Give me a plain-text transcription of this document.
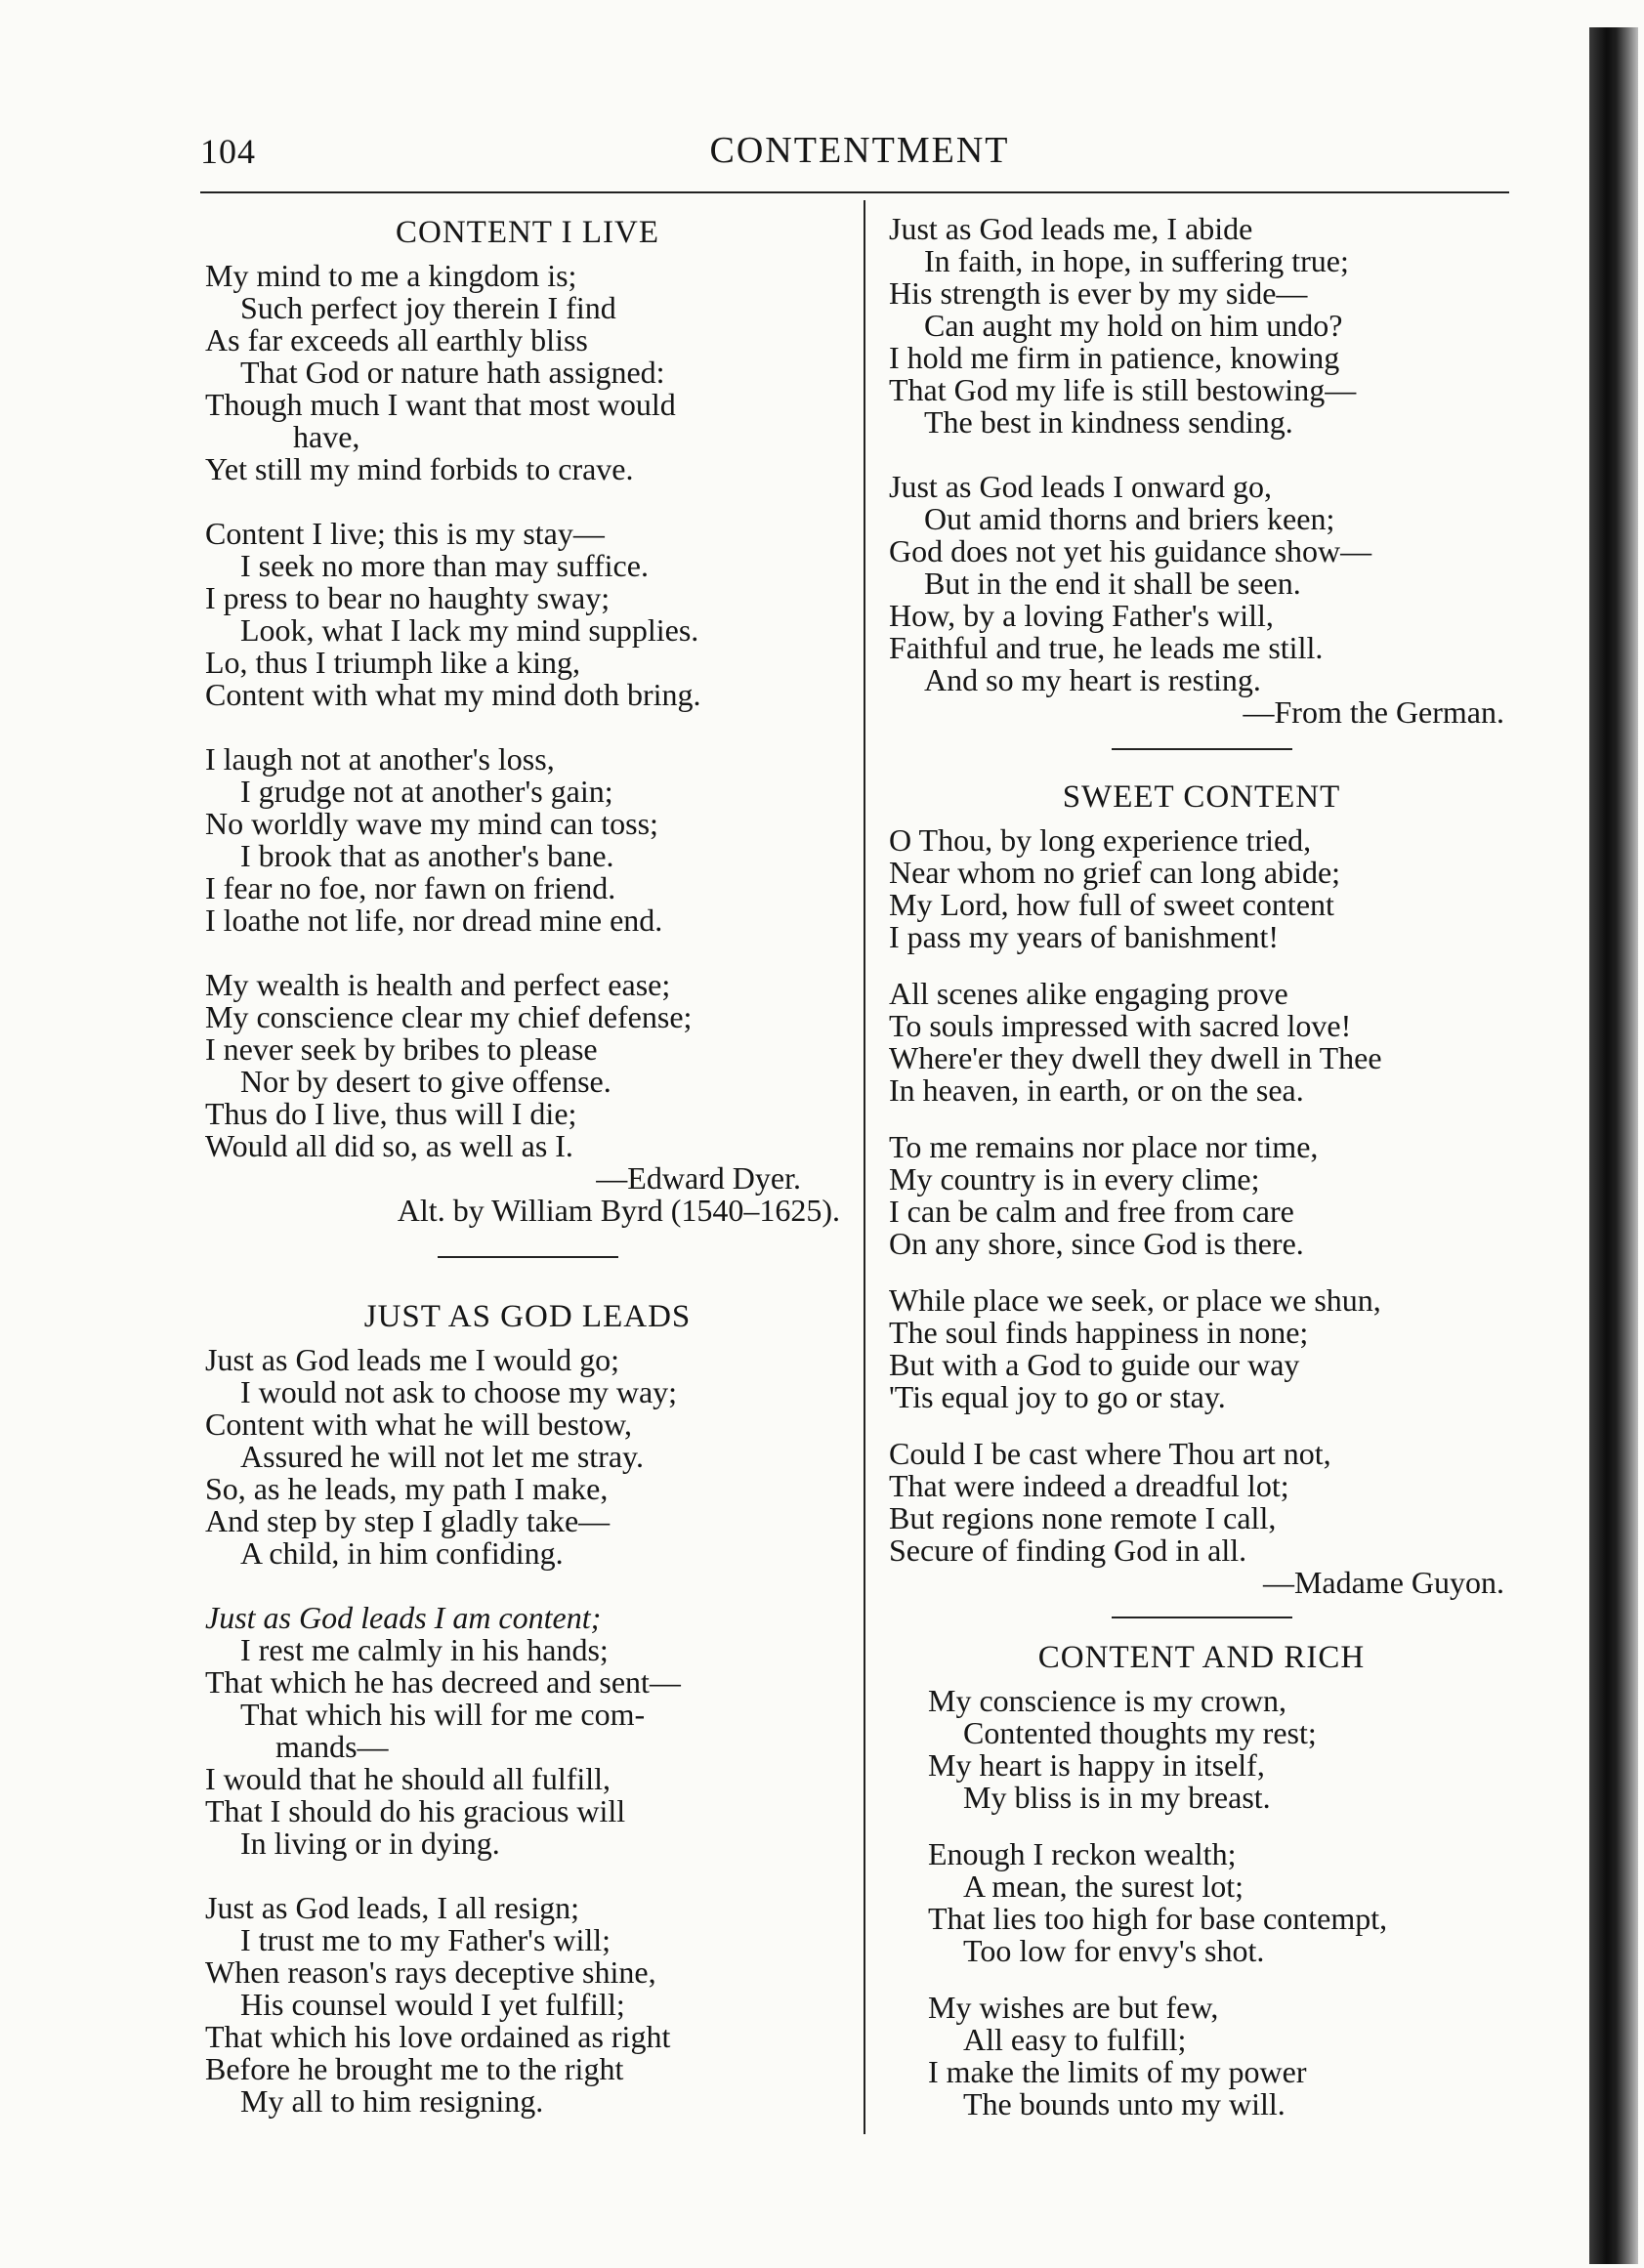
104	CONTENTMENT
CONTENT I LIVE
My mind to me a kingdom is;
Such perfect joy therein I find
As far exceeds all earthly bliss
That God or nature hath assigned:
Though much I want that most would
have,
Yet still my mind forbids to crave.
Content I live; this is my stay—
I seek no more than may suffice.
I press to bear no haughty sway;
Look, what I lack my mind supplies.
Lo, thus I triumph like a king,
Content with what my mind doth bring.
I laugh not at another's loss,
I grudge not at another's gain;
No worldly wave my mind can toss;
I brook that as another's bane.
I fear no foe, nor fawn on friend.
I loathe not life, nor dread mine end.
My wealth is health and perfect ease;
My conscience clear my chief defense;
I never seek by bribes to please
Nor by desert to give offense.
Thus do I live, thus will I die;
Would all did so, as well as I.
—Edward Dyer.
Alt. by William Byrd (1540–1625).
JUST AS GOD LEADS
Just as God leads me I would go;
I would not ask to choose my way;
Content with what he will bestow,
Assured he will not let me stray.
So, as he leads, my path I make,
And step by step I gladly take—
A child, in him confiding.
Just as God leads I am content;
I rest me calmly in his hands;
That which he has decreed and sent—
That which his will for me com-
mands—
I would that he should all fulfill,
That I should do his gracious will
In living or in dying.
Just as God leads, I all resign;
I trust me to my Father's will;
When reason's rays deceptive shine,
His counsel would I yet fulfill;
That which his love ordained as right
Before he brought me to the right
My all to him resigning.
Just as God leads me, I abide
In faith, in hope, in suffering true;
His strength is ever by my side—
Can aught my hold on him undo?
I hold me firm in patience, knowing
That God my life is still bestowing—
The best in kindness sending.
Just as God leads I onward go,
Out amid thorns and briers keen;
God does not yet his guidance show—
But in the end it shall be seen.
How, by a loving Father's will,
Faithful and true, he leads me still.
And so my heart is resting.
—From the German.
SWEET CONTENT
O Thou, by long experience tried,
Near whom no grief can long abide;
My Lord, how full of sweet content
I pass my years of banishment!
All scenes alike engaging prove
To souls impressed with sacred love!
Where'er they dwell they dwell in Thee
In heaven, in earth, or on the sea.
To me remains nor place nor time,
My country is in every clime;
I can be calm and free from care
On any shore, since God is there.
While place we seek, or place we shun,
The soul finds happiness in none;
But with a God to guide our way
'Tis equal joy to go or stay.
Could I be cast where Thou art not,
That were indeed a dreadful lot;
But regions none remote I call,
Secure of finding God in all.
—Madame Guyon.
CONTENT AND RICH
My conscience is my crown,
Contented thoughts my rest;
My heart is happy in itself,
My bliss is in my breast.
Enough I reckon wealth;
A mean, the surest lot;
That lies too high for base contempt,
Too low for envy's shot.
My wishes are but few,
All easy to fulfill;
I make the limits of my power
The bounds unto my will.
